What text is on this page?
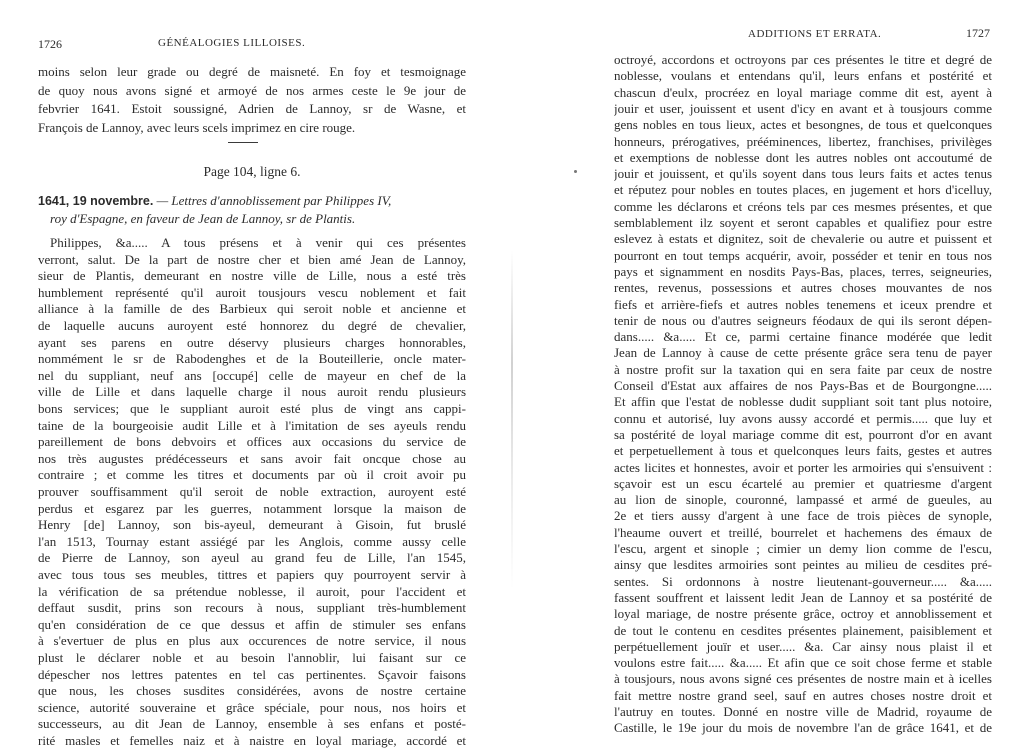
1726	GÉNÉALOGIES LILLOISES.
ADDITIONS ET ERRATA.	1727
moins selon leur grade ou degré de maisneté. En foy et tesmoignage
de quoy nous avons signé et armoyé de nos armes ceste le 9e jour de
febvrier 1641. Estoit soussigné, Adrien de Lannoy, sr de Wasne, et
François de Lannoy, avec leurs scels imprimez en cire rouge.
Page 104, ligne 6.
1641, 19 novembre. — Lettres d'annoblissement par Philippes IV,
roy d'Espagne, en faveur de Jean de Lannoy, sr de Plantis.
Philippes, &a..... A tous présens et à venir qui ces présentes
verront, salut. De la part de nostre cher et bien amé Jean de Lannoy,
sieur de Plantis, demeurant en nostre ville de Lille, nous a esté très
humblement représenté qu'il auroit tousjours vescu noblement et fait
alliance à la famille de des Barbieux qui seroit noble et ancienne et
de laquelle aucuns auroyent esté honnorez du degré de chevalier,
ayant ses parens en outre déservy plusieurs charges honnorables,
nommément le sr de Rabodenghes et de la Bouteillerie, oncle mater-
nel du suppliant, neuf ans [occupé] celle de mayeur en chef de la
ville de Lille et dans laquelle charge il nous auroit rendu plusieurs
bons services; que le suppliant auroit esté plus de vingt ans cappi-
taine de la bourgeoisie audit Lille et à l'imitation de ses ayeuls rendu
pareillement de bons debvoirs et offices aux occasions du service de
nos très augustes prédécesseurs et sans avoir fait oncque chose au
contraire ; et comme les titres et documents par où il croit avoir pu
prouver souffisamment qu'il seroit de noble extraction, auroyent esté
perdus et esgarez par les guerres, notamment lorsque la maison de
Henry [de] Lannoy, son bis-ayeul, demeurant à Gisoin, fut bruslé
l'an 1513, Tournay estant assiégé par les Anglois, comme aussy celle
de Pierre de Lannoy, son ayeul au grand feu de Lille, l'an 1545,
avec tous tous ses meubles, tittres et papiers quy pourroyent servir à
la vérification de sa prétendue noblesse, il auroit, pour l'accident et
deffaut susdit, prins son recours à nous, suppliant très-humblement
qu'en considération de ce que dessus et affin de stimuler ses enfans
à s'evertuer de plus en plus aux occurences de notre service, il nous
plust le déclarer noble et au besoin l'annoblir, lui faisant sur ce
dépescher nos lettres patentes en tel cas pertinentes. Sçavoir faisons
que nous, les choses susdites considérées, avons de nostre certaine
science, autorité souveraine et grâce spéciale, pour nous, nos hoirs et
successeurs, au dit Jean de Lannoy, ensemble à ses enfans et posté-
rité masles et femelles naiz et à naistre en loyal mariage, accordé et
octroyé, accordons et octroyons par ces présentes le titre et degré de
noblesse, voulans et entendans qu'il, leurs enfans et postérité et
chascun d'eulx, procréez en loyal mariage comme dit est, ayent à
jouir et user, jouissent et usent d'icy en avant et à tousjours comme
gens nobles en tous lieux, actes et besongnes, de tous et quelconques
honneurs, prérogatives, prééminences, libertez, franchises, privilèges
et exemptions de noblesse dont les autres nobles ont accoutumé de
jouir et jouissent, et qu'ils soyent dans tous leurs faits et actes tenus
et réputez pour nobles en toutes places, en jugement et hors d'icelluy,
comme les déclarons et créons tels par ces mesmes présentes, et que
semblablement ilz soyent et seront capables et qualifiez pour estre
eslevez à estats et dignitez, soit de chevalerie ou autre et puissent et
pourront en tout temps acquérir, avoir, posséder et tenir en tous nos
pays et signamment en nosdits Pays-Bas, places, terres, seigneuries,
rentes, revenus, possessions et autres choses mouvantes de nos
fiefs et arrière-fiefs et autres nobles tenemens et iceux prendre et
tenir de nous ou d'autres seigneurs féodaux de qui ils seront dépen-
dans..... &a..... Et ce, parmi certaine finance modérée que ledit
Jean de Lannoy à cause de cette présente grâce sera tenu de payer
à nostre profit sur la taxation qui en sera faite par ceux de nostre
Conseil d'Estat aux affaires de nos Pays-Bas et de Bourgongne.....
Et affin que l'estat de noblesse dudit suppliant soit tant plus notoire,
connu et autorisé, luy avons aussy accordé et permis..... que luy et
sa postérité de loyal mariage comme dit est, pourront d'or en avant
et perpetuellement à tous et quelconques leurs faits, gestes et autres
actes licites et honnestes, avoir et porter les armoiries qui s'ensuivent :
sçavoir est un escu écartelé au premier et quatriesme d'argent
au lion de sinople, couronné, lampassé et armé de gueules, au
2e et tiers aussy d'argent à une face de trois pièces de synople,
l'heaume ouvert et treillé, bourrelet et hachemens des émaux de
l'escu, argent et sinople ; cimier un demy lion comme de l'escu,
ainsy que lesdites armoiries sont peintes au milieu de cesdites pré-
sentes. Si ordonnons à nostre lieutenant-gouverneur..... &a.....
fassent souffrent et laissent ledit Jean de Lannoy et sa postérité de
loyal mariage, de nostre présente grâce, octroy et annoblissement et
de tout le contenu en cesdites présentes plainement, paisiblement et
perpétuellement jouïr et user..... &a. Car ainsy nous plaist il et
voulons estre fait..... &a..... Et afin que ce soit chose ferme et stable
à tousjours, nous avons signé ces présentes de nostre main et à icelles
fait mettre nostre grand seel, sauf en autres choses nostre droit et
l'autruy en toutes. Donné en nostre ville de Madrid, royaume de
Castille, le 19e jour du mois de novembre l'an de grâce 1641, et de
